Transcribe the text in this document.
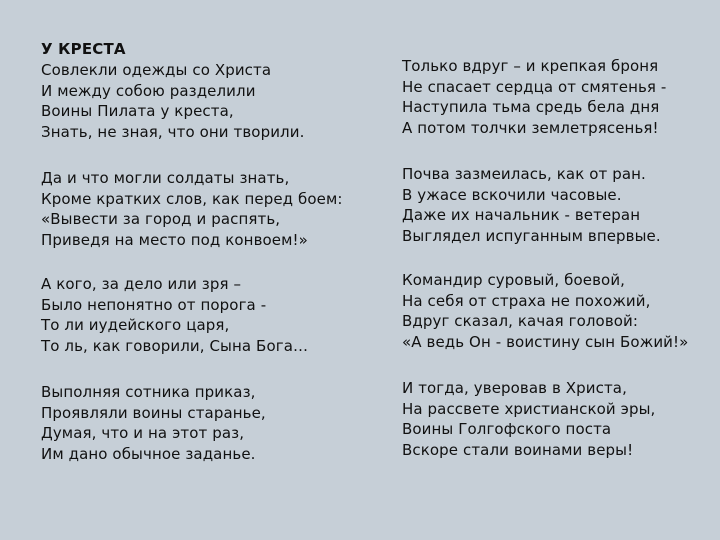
У КРЕСТА
Совлекли одежды со Христа
И между собою разделили
Воины Пилата у креста,
Знать, не зная, что они творили.
Да и что могли солдаты знать,
Кроме кратких слов, как перед боем:
«Вывести за город и распять,
Приведя на место под конвоем!»
А кого, за дело или зря –
Было непонятно от порога -
То ли иудейского царя,
То ль, как говорили, Сына Бога…
Выполняя сотника приказ,
Проявляли воины старанье,
Думая, что и на этот раз,
Им дано обычное заданье.
Только вдруг – и крепкая броня
Не спасает сердца от смятенья -
Наступила тьма средь бела дня
А потом толчки землетрясенья!
Почва зазмеилась, как от ран.
В ужасе вскочили часовые.
Даже их начальник - ветеран
Выглядел испуганным впервые.
Командир суровый, боевой,
На себя от страха не похожий,
Вдруг сказал, качая головой:
«А ведь Он - воистину сын Божий!»
И тогда, уверовав в Христа,
На рассвете христианской эры,
Воины Голгофского поста
Вскоре стали воинами веры!
